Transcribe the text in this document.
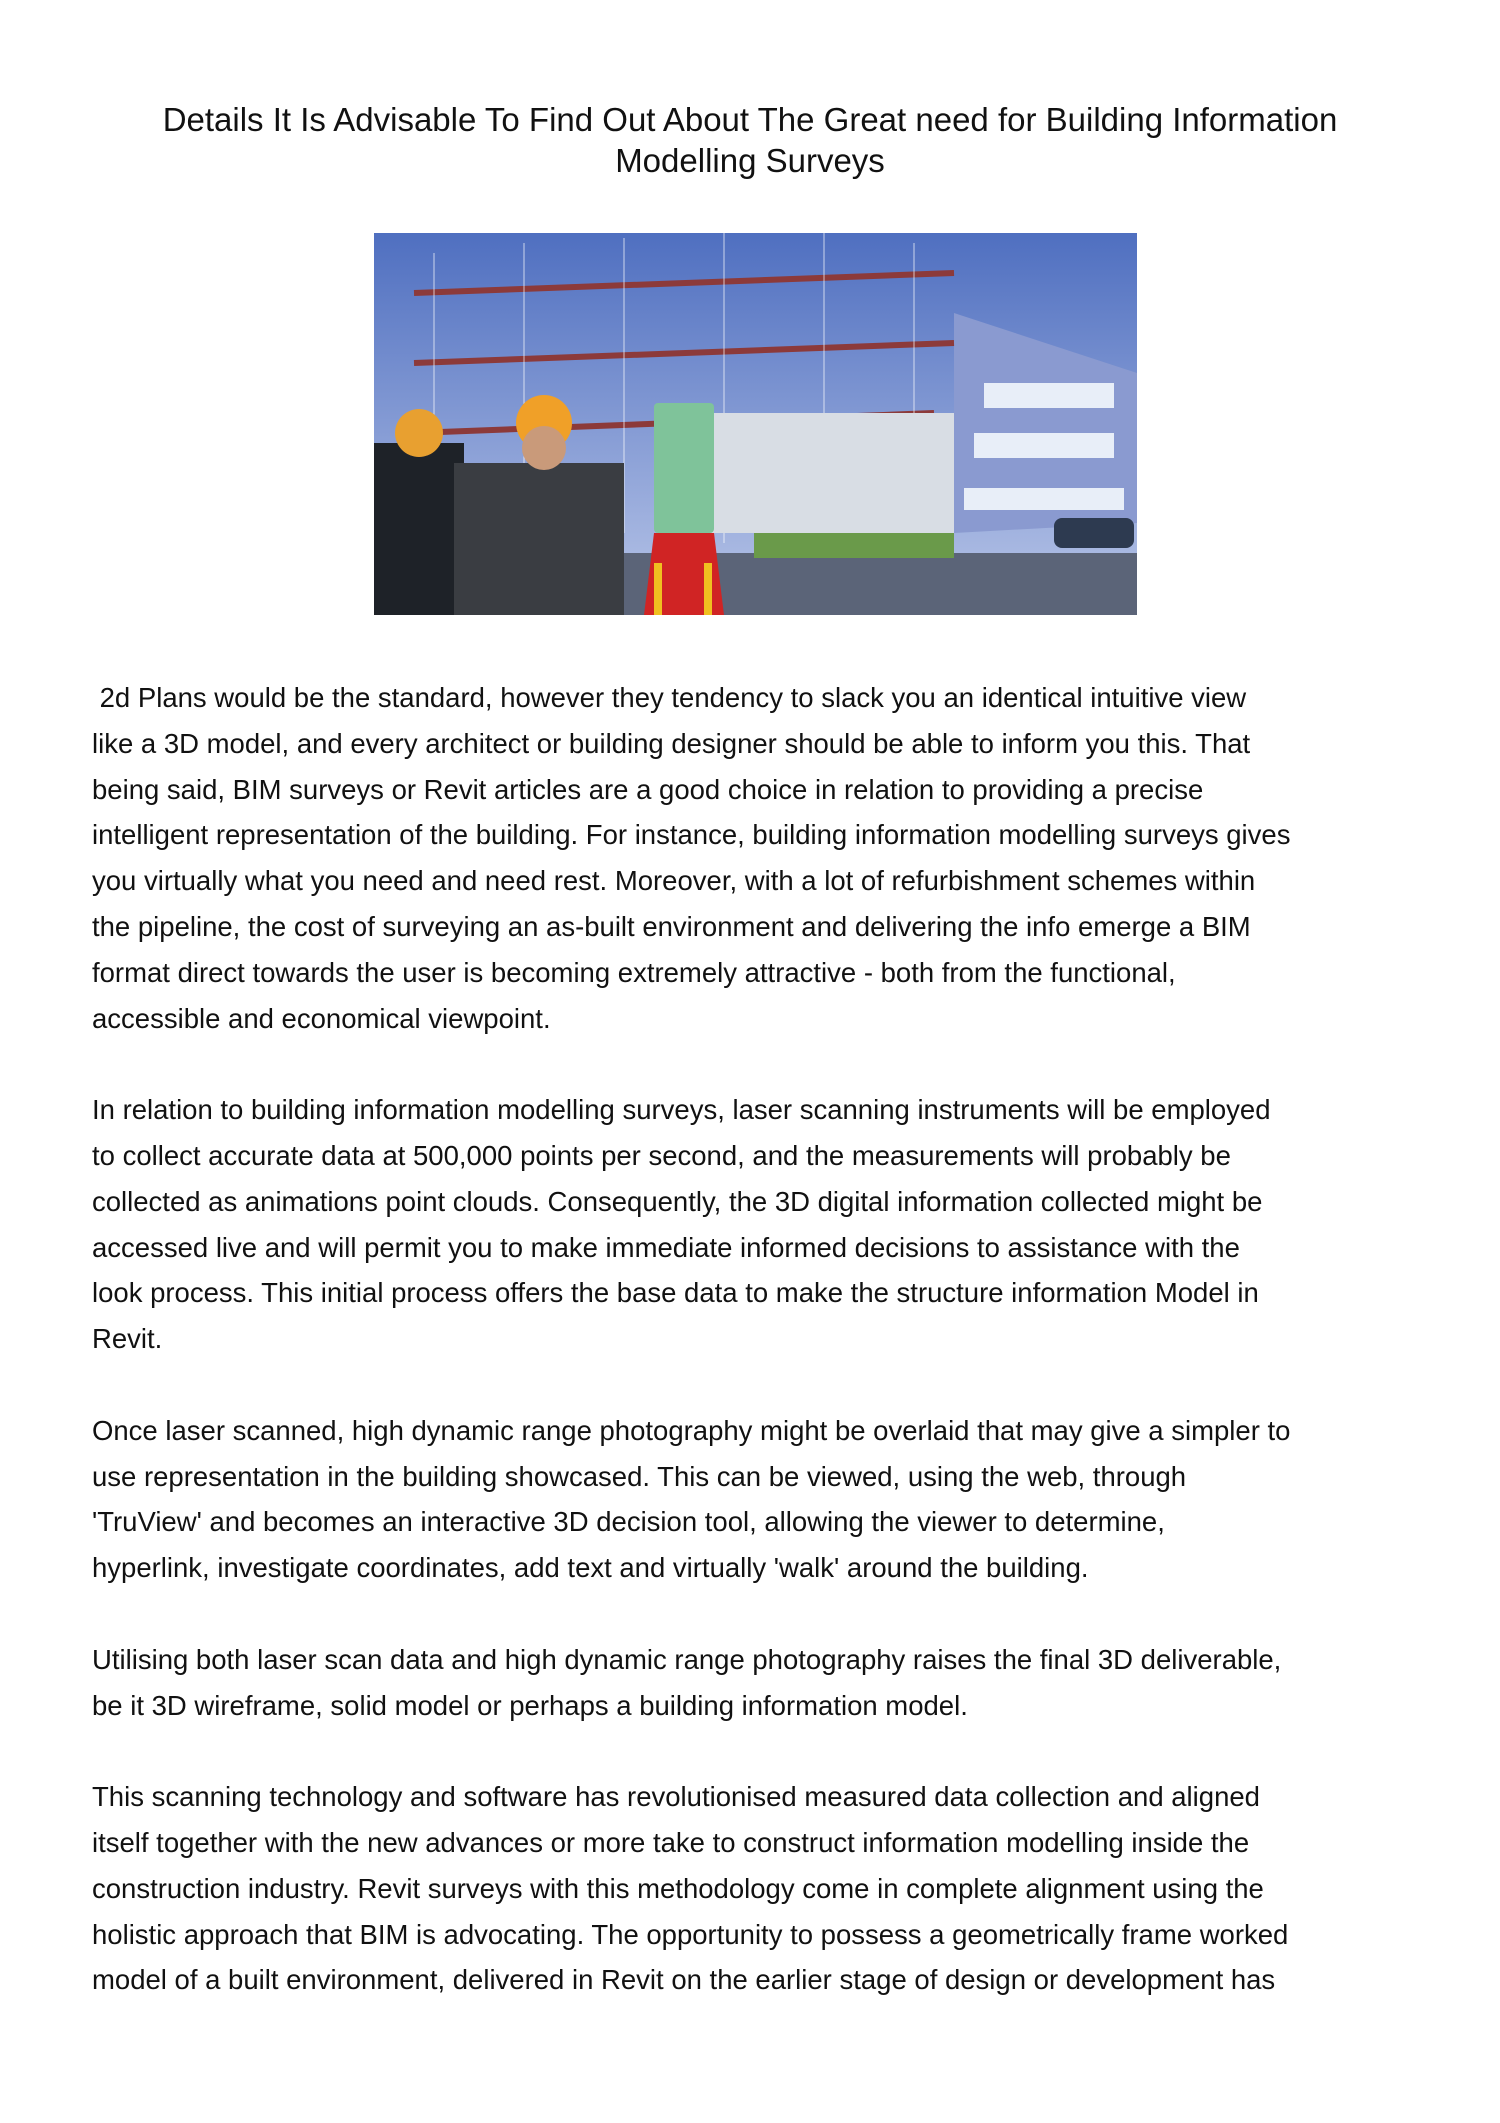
Details It Is Advisable To Find Out About The Great need for Building Information
Modelling Surveys

2d Plans would be the standard, however they tendency to slack you an identical intuitive view
like a 3D model, and every architect or building designer should be able to inform you this. That
being said, BIM surveys or Revit articles are a good choice in relation to providing a precise
intelligent representation of the building. For instance, building information modelling surveys gives
you virtually what you need and need rest. Moreover, with a lot of refurbishment schemes within
the pipeline, the cost of surveying an as-built environment and delivering the info emerge a BIM
format direct towards the user is becoming extremely attractive - both from the functional,
accessible and economical viewpoint.

In relation to building information modelling surveys, laser scanning instruments will be employed
to collect accurate data at 500,000 points per second, and the measurements will probably be
collected as animations point clouds. Consequently, the 3D digital information collected might be
accessed live and will permit you to make immediate informed decisions to assistance with the
look process. This initial process offers the base data to make the structure information Model in
Revit.

Once laser scanned, high dynamic range photography might be overlaid that may give a simpler to
use representation in the building showcased. This can be viewed, using the web, through
'TruView' and becomes an interactive 3D decision tool, allowing the viewer to determine,
hyperlink, investigate coordinates, add text and virtually 'walk' around the building.

Utilising both laser scan data and high dynamic range photography raises the final 3D deliverable,
be it 3D wireframe, solid model or perhaps a building information model.

This scanning technology and software has revolutionised measured data collection and aligned
itself together with the new advances or more take to construct information modelling inside the
construction industry. Revit surveys with this methodology come in complete alignment using the
holistic approach that BIM is advocating. The opportunity to possess a geometrically frame worked
model of a built environment, delivered in Revit on the earlier stage of design or development has
